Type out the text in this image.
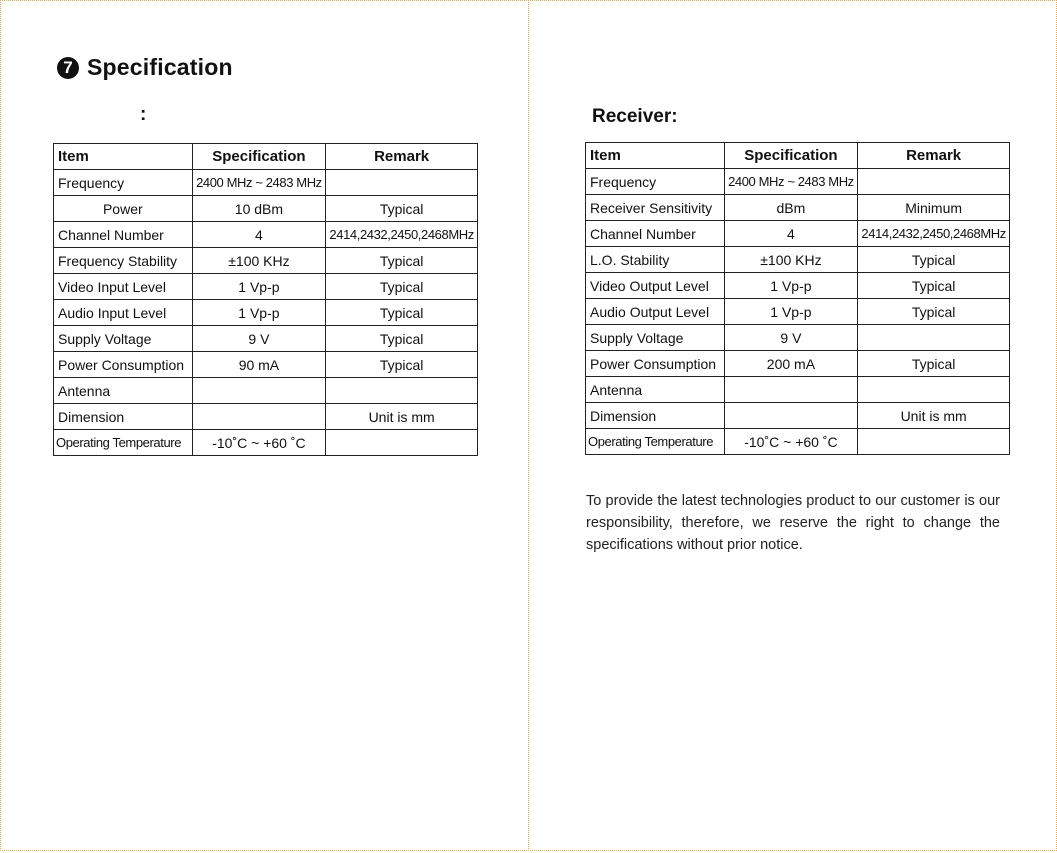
7 Specification
:
Item	Specification	Remark
Frequency	2400 MHz ~ 2483 MHz	
Power	10 dBm	Typical
Channel Number	4	2414,2432,2450,2468MHz
Frequency Stability	±100 KHz	Typical
Video Input Level	1 Vp-p	Typical
Audio Input Level	1 Vp-p	Typical
Supply Voltage	9 V	Typical
Power Consumption	90 mA	Typical
Antenna		
Dimension		Unit is mm
Operating Temperature	-10˚C ~ +60 ˚C	
Receiver:
Item	Specification	Remark
Frequency	2400 MHz ~ 2483 MHz	
Receiver Sensitivity	dBm	Minimum
Channel Number	4	2414,2432,2450,2468MHz
L.O. Stability	±100 KHz	Typical
Video Output Level	1 Vp-p	Typical
Audio Output Level	1 Vp-p	Typical
Supply Voltage	9 V	
Power Consumption	200 mA	Typical
Antenna		
Dimension		Unit is mm
Operating Temperature	-10˚C ~ +60 ˚C	
To provide the latest technologies product to our customer is our responsibility, therefore, we reserve the right to change the specifications without prior notice.
